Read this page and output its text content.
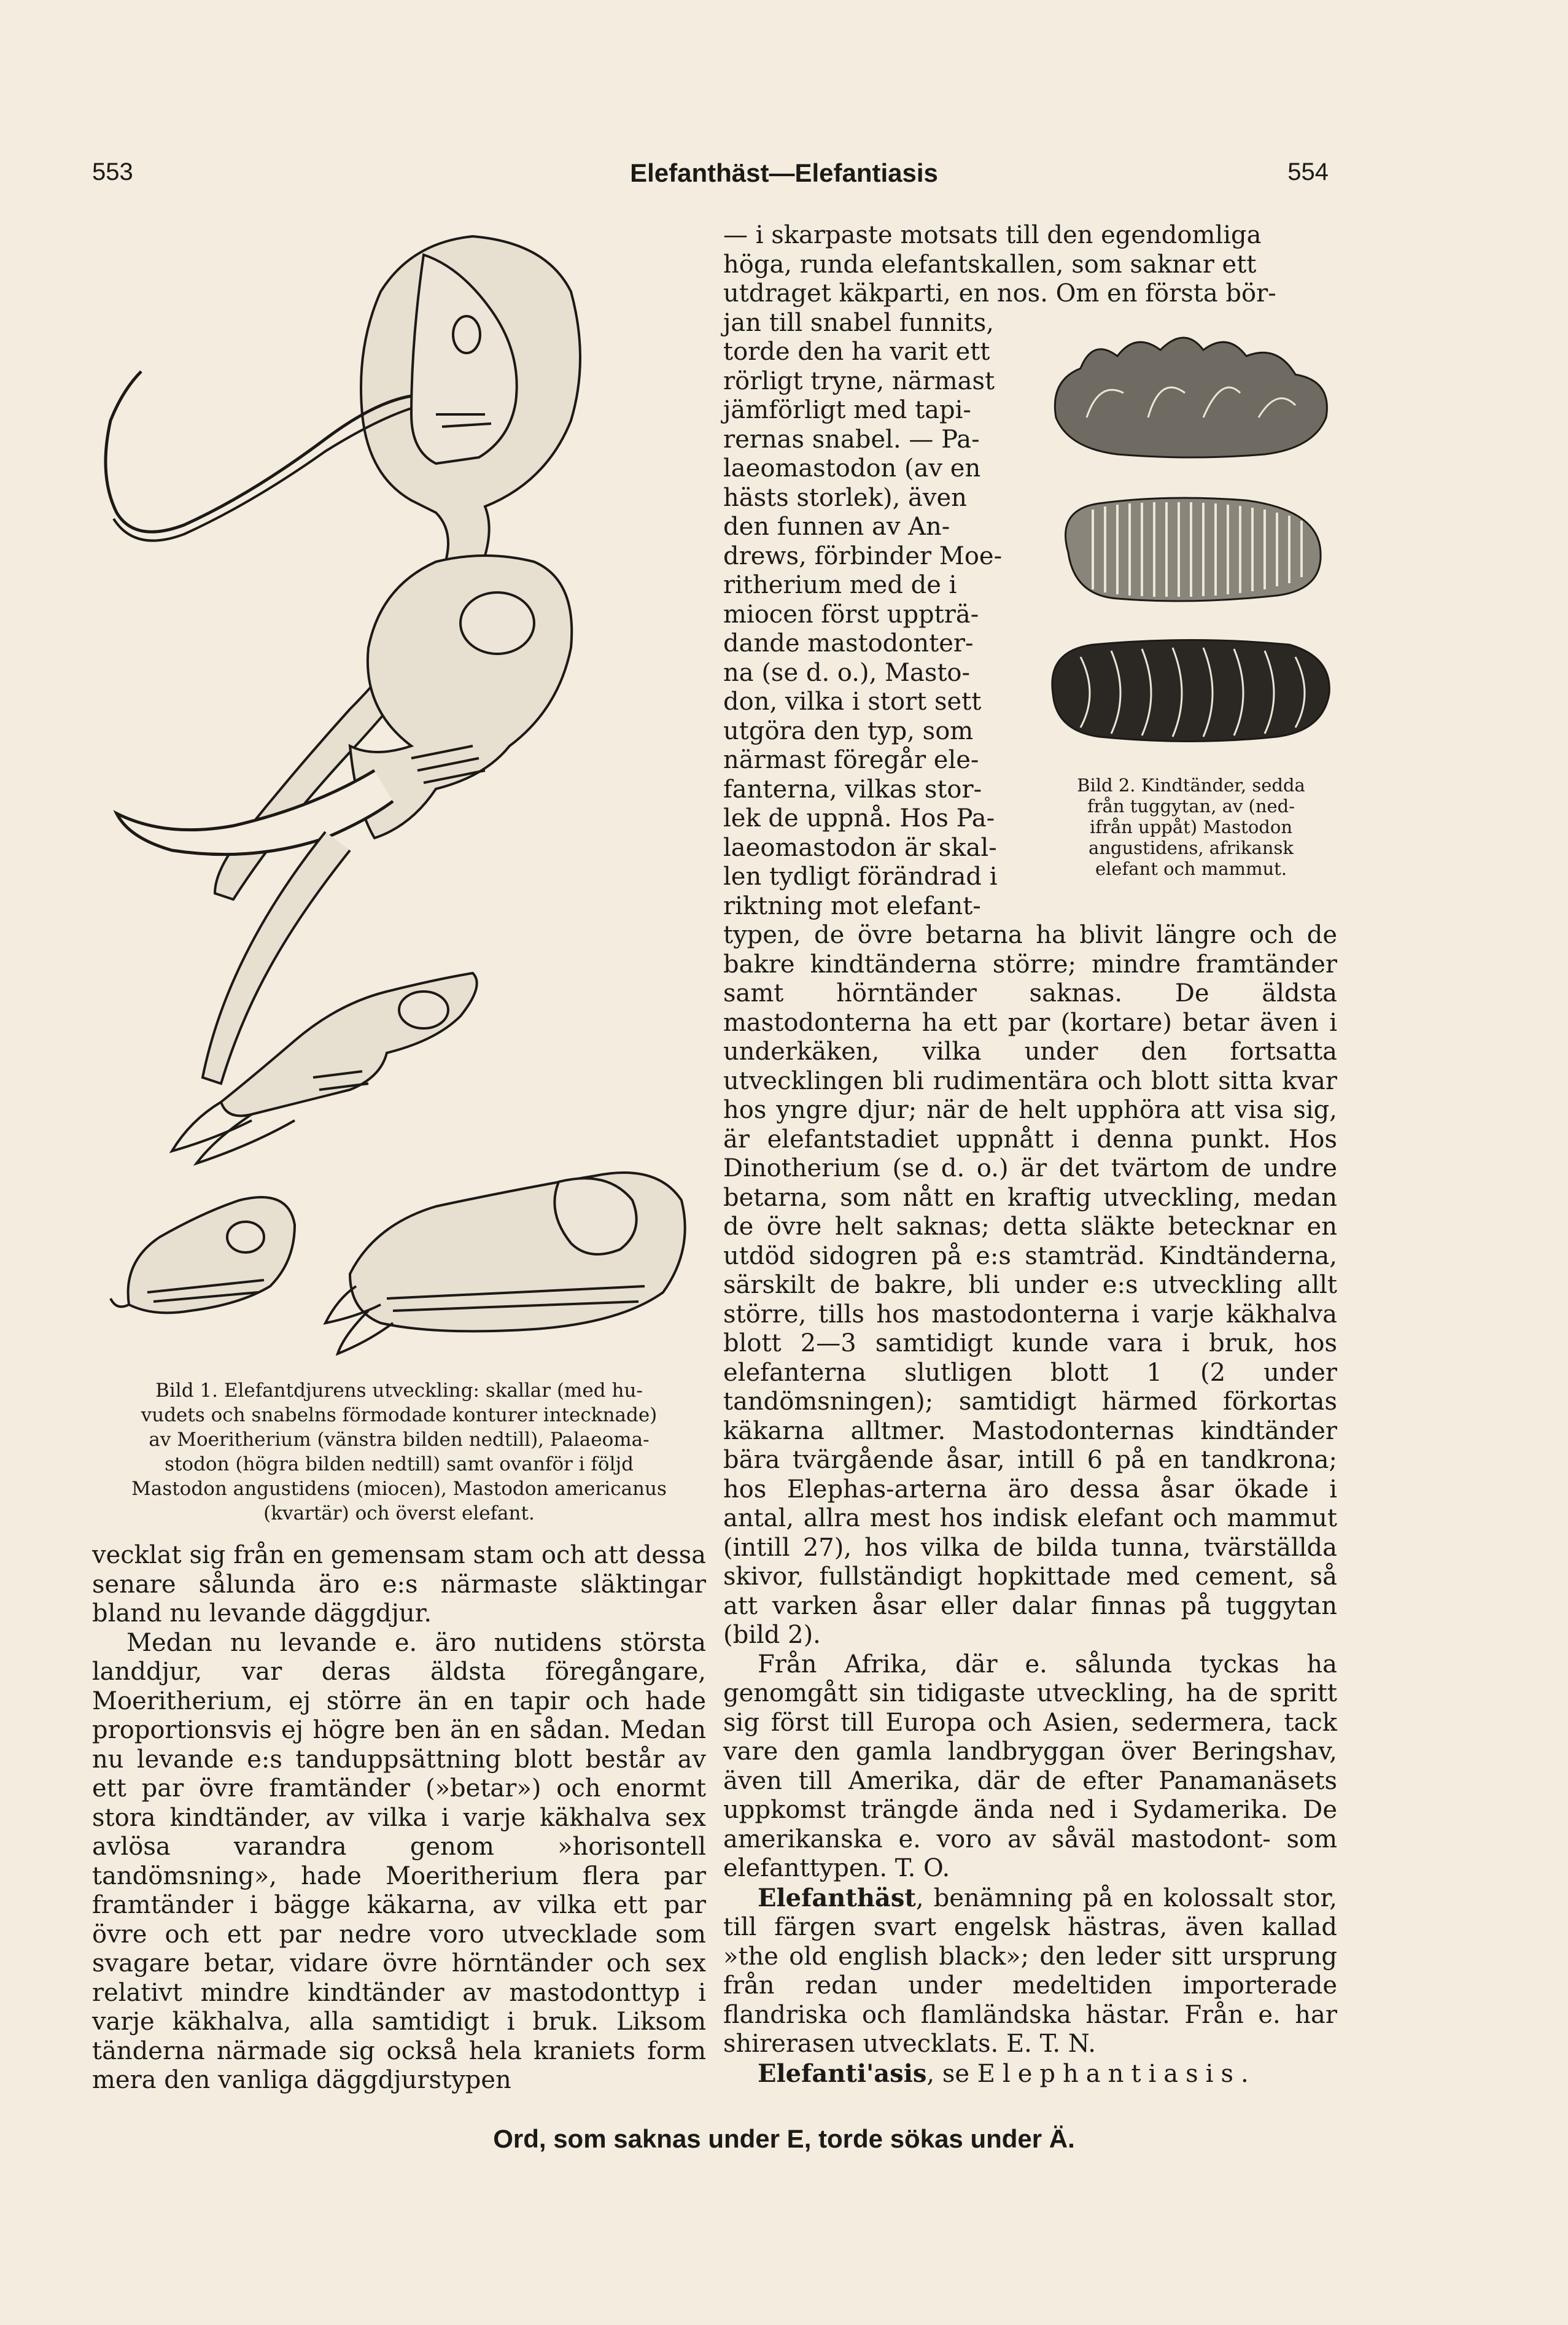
553	Elefanthäst—Elefantiasis	554
Bild 1. Elefantdjurens utveckling: skallar (med hu-
vudets och snabelns förmodade konturer intecknade)
av Moeritherium (vänstra bilden nedtill), Palaeoma-
stodon (högra bilden nedtill) samt ovanför i följd
Mastodon angustidens (miocen), Mastodon americanus
(kvartär) och överst elefant.

vecklat sig från en gemensam stam och att dessa senare sålunda äro e:s närmaste släktingar bland nu levande däggdjur.

Medan nu levande e. äro nutidens största landdjur, var deras äldsta föregångare, Moeritherium, ej större än en tapir och hade proportionsvis ej högre ben än en sådan. Medan nu levande e:s tanduppsättning blott består av ett par övre framtänder (»betar») och enormt stora kindtänder, av vilka i varje käkhalva sex avlösa varandra genom »horisontell tandömsning», hade Moeritherium flera par framtänder i bägge käkarna, av vilka ett par övre och ett par nedre voro utvecklade som svagare betar, vidare övre hörntänder och sex relativt mindre kindtänder av mastodonttyp i varje käkhalva, alla samtidigt i bruk. Liksom tänderna närmade sig också hela kraniets form mera den vanliga däggdjurstypen

— i skarpaste motsats till den egendomliga
höga, runda elefantskallen, som saknar ett
utdraget käkparti, en nos. Om en första bör-
jan till snabel funnits,
torde den ha varit ett
rörligt tryne, närmast
jämförligt med tapi-
rernas snabel. — Pa-
laeomastodon (av en
hästs storlek), även
den funnen av An-
drews, förbinder Moe-
ritherium med de i
miocen först uppträ-
dande mastodonter-
na (se d. o.), Masto-
don, vilka i stort sett
utgöra den typ, som
närmast föregår ele-
fanterna, vilkas stor-
lek de uppnå. Hos Pa-
laeomastodon är skal-
len tydligt förändrad i
riktning mot elefant-
Bild 2. Kindtänder, sedda
från tuggytan, av (ned-
ifrån uppåt) Mastodon
angustidens, afrikansk
elefant och mammut.

typen, de övre betarna ha blivit längre och de bakre kindtänderna större; mindre framtänder samt hörntänder saknas. De äldsta mastodonterna ha ett par (kortare) betar även i underkäken, vilka under den fortsatta utvecklingen bli rudimentära och blott sitta kvar hos yngre djur; när de helt upphöra att visa sig, är elefantstadiet uppnått i denna punkt. Hos Dinotherium (se d. o.) är det tvärtom de undre betarna, som nått en kraftig utveckling, medan de övre helt saknas; detta släkte betecknar en utdöd sidogren på e:s stamträd. Kindtänderna, särskilt de bakre, bli under e:s utveckling allt större, tills hos mastodonterna i varje käkhalva blott 2—3 samtidigt kunde vara i bruk, hos elefanterna slutligen blott 1 (2 under tandömsningen); samtidigt härmed förkortas käkarna alltmer. Mastodonternas kindtänder bära tvärgående åsar, intill 6 på en tandkrona; hos Elephas-arterna äro dessa åsar ökade i antal, allra mest hos indisk elefant och mammut (intill 27), hos vilka de bilda tunna, tvärställda skivor, fullständigt hopkittade med cement, så att varken åsar eller dalar finnas på tuggytan (bild 2).

Från Afrika, där e. sålunda tyckas ha genomgått sin tidigaste utveckling, ha de spritt sig först till Europa och Asien, sedermera, tack vare den gamla landbryggan över Beringshav, även till Amerika, där de efter Panamanäsets uppkomst trängde ända ned i Sydamerika. De amerikanska e. voro av såväl mastodont- som elefanttypen. T. O.

Elefanthäst, benämning på en kolossalt stor, till färgen svart engelsk hästras, även kallad »the old english black»; den leder sitt ursprung från redan under medeltiden importerade flandriska och flamländska hästar. Från e. har shirerasen utvecklats. E. T. N.

Elefanti'asis, se Elephantiasis.

Ord, som saknas under E, torde sökas under Ä.
